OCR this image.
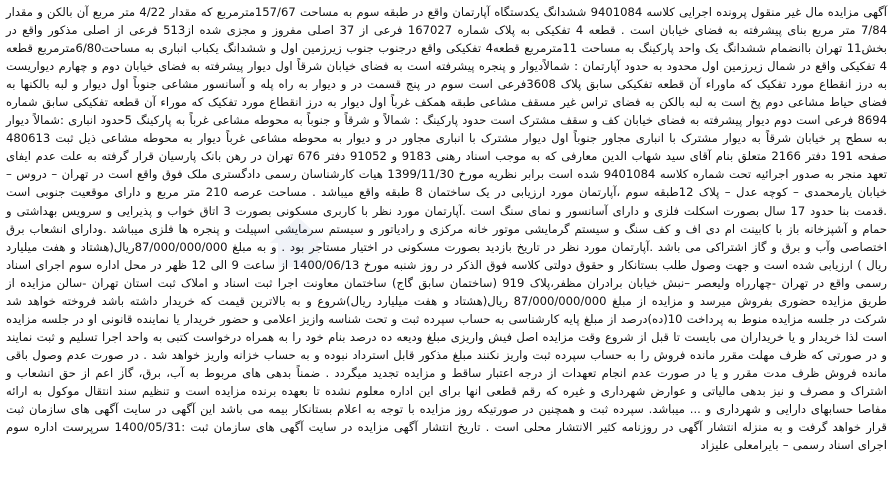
آگهی مزایده مال غیر منقول پرونده اجرایی کلاسه 9401084 ششدانگ یکدستگاه آپارتمان واقع در طبقه سوم به مساحت 157/67مترمربع که مقدار 4/22 متر مربع آن بالکن و مقدار 7/84 متر مربع بنای پیشرفته به فضای خیابان است . قطعه 4 تفکیکی به پلاک شماره 167027 فرعی از 37 اصلی مفروز و مجزی شده از513 فرعی از اصلی مذکور واقع در بخش11 تهران باانضمام ششدانگ یک واحد پارکینگ به مساحت 11مترمربع قطعه4 تفکیکی واقع درجنوب جنوب زیرزمین اول و ششدانگ یکباب انباری به مساحت6/80مترمربع قطعه 4 تفکیکی واقع در شمال زیرزمین اول محدود به حدود آپارتمان : شمالاًدیوار و پنجره پیشرفته است به فضای خیابان شرقاً اول دیوار پیشرفته به فضای خیابان دوم و چهارم دیواریست به درز انقطاع مورد تفکیک که ماوراء آن قطعه تفکیکی سابق پلاک 3608فرعی است سوم در پنج قسمت در و دیوار به راه پله و آسانسور مشاعی جنوباً اول دیوار و لبه بالکنها به فضای حیاط مشاعی دوم پخ است به لبه بالکن به فضای تراس غیر مسقف مشاعی طبقه همکف غرباً اول دیوار به درز انقطاع مورد تفکیک که موراء آن قطعه تفکیکی سابق شماره 8694 فرعی است دوم دیوار پیشرفته به فضای خیابان کف و سقف مشترک است حدود پارکینگ : شمالاً و شرقاً و جنوباً به محوطه مشاعی غرباً به پارکینگ 5حدود انباری :شمالاً دیوار به سطح پر خیابان شرقاً به دیوار مشترک با انباری مجاور جنوباً اول دیوار مشترک با انباری مجاور در و دیوار به محوطه مشاعی غرباً دیوار به محوطه مشاعی ذیل ثبت 480613 صفحه 191 دفتر 2166 متعلق بنام آقای سید شهاب الدین معارفی که به موجب اسناد رهنی 9183 و 91052 دفتر 676 تهران در رهن بانک پارسیان قرار گرفته به علت عدم ایفای تعهد منجر به صدور اجرائیه تحت شماره کلاسه 9401084 شده است برابر نظریه مورخ 1399/11/30 هیات کارشناسان رسمی دادگستری ملک فوق واقع است در تهران – دروس – خیابان یارمحمدی – کوچه عدل – پلاک 12طبقه سوم ،آپارتمان مورد ارزیابی در یک ساختمان 8 طبقه واقع میباشد . مساحت عرصه 210 متر مربع و دارای موقعیت جنوبی است .قدمت بنا حدود 17 سال بصورت اسکلت فلزی و دارای آسانسور و نمای سنگ است .آپارتمان مورد نظر با کاربری مسکونی بصورت 3 اتاق خواب و پذیرایی و سرویس بهداشتی و حمام و آشپزخانه باز با کابینت ام دی اف و کف سنگ و سیستم گرمایشی موتور خانه مرکزی و رادیاتور و سیستم سرمایشی اسپیلت و پنجره ها فلزی میباشد .ودارای انشعاب برق اختصاصی وآب و برق و گاز اشتراکی می باشد .آپارتمان مورد نظر در تاریخ بازدید بصورت مسکونی در اختیار مستاجر بود . و به مبلغ 87/000/000/000ریال(هشتاد و هفت میلیارد ریال ) ارزیابی شده است و جهت وصول طلب بستانکار و حقوق دولتی کلاسه فوق الذکر در روز شنبه مورخ 1400/06/13 از ساعت 9 الی 12 ظهر در محل اداره سوم اجرای اسناد رسمی واقع در تهران -چهارراه ولیعصر –نبش خیابان برادران مظفر،پلاک 919 (ساختمان سابق گاج) ساختمان معاونت اجرا ثبت اسناد و املاک ثبت استان تهران -سالن مزایده از طریق مزایده حضوری بفروش میرسد و مزایده از مبلغ 87/000/000/000 ریال(هشتاد و هفت میلیارد ریال)شروع و به بالاترین قیمت که خریدار داشته باشد فروخته خواهد شد شرکت در جلسه مزایده منوط به پرداخت 10(ده)درصد از مبلغ پایه کارشناسی به حساب سپرده ثبت و تحت شناسه وازیز اعلامی و حضور خریدار یا نماینده قانونی او در جلسه مزایده است لذا خریدار و یا خریداران می بایست تا قبل از شروع وقت مزایده اصل فیش واریزی مبلغ ودیعه ده درصد بنام خود را به همراه درخواست کتبی به واحد اجرا تسلیم و ثبت نمایند و در صورتی که ظرف مهلت مقرر مانده فروش را به حساب سپرده ثبت واریز نکنند مبلغ مذکور قابل استرداد نبوده و به حساب خزانه واریز خواهد شد . در صورت عدم وصول باقی مانده فروش ظرف مدت مقرر و یا در صورت عدم انجام تعهدات از درجه اعتبار ساقط و مزایده تجدید میگردد . ضمناً بدهی های مربوط به آب، برق، گاز اعم از حق انشعاب و اشتراک و مصرف و نیز بدهی مالیاتی و عوارض شهرداری و غیره که رقم قطعی انها برای این اداره معلوم نشده تا بعهده برنده مزایده است و تنظیم سند انتقال موکول به ارائه مفاصا حسابهای دارایی و شهرداری و ... میباشد. سپرده ثبت و همچنین در صورتیکه روز مزایده با توجه به اعلام بستانکار بیمه می باشد این آگهی در سایت آگهی های سازمان ثبت قرار خواهد گرفت و به منزله انتشار آگهی در روزنامه کثیر الانتشار محلی است . تاریخ انتشار آگهی مزایده در سایت آگهی های سازمان ثبت :1400/05/31 سرپرست اداره سوم اجرای اسناد رسمی – بایرامعلی علیزاد
